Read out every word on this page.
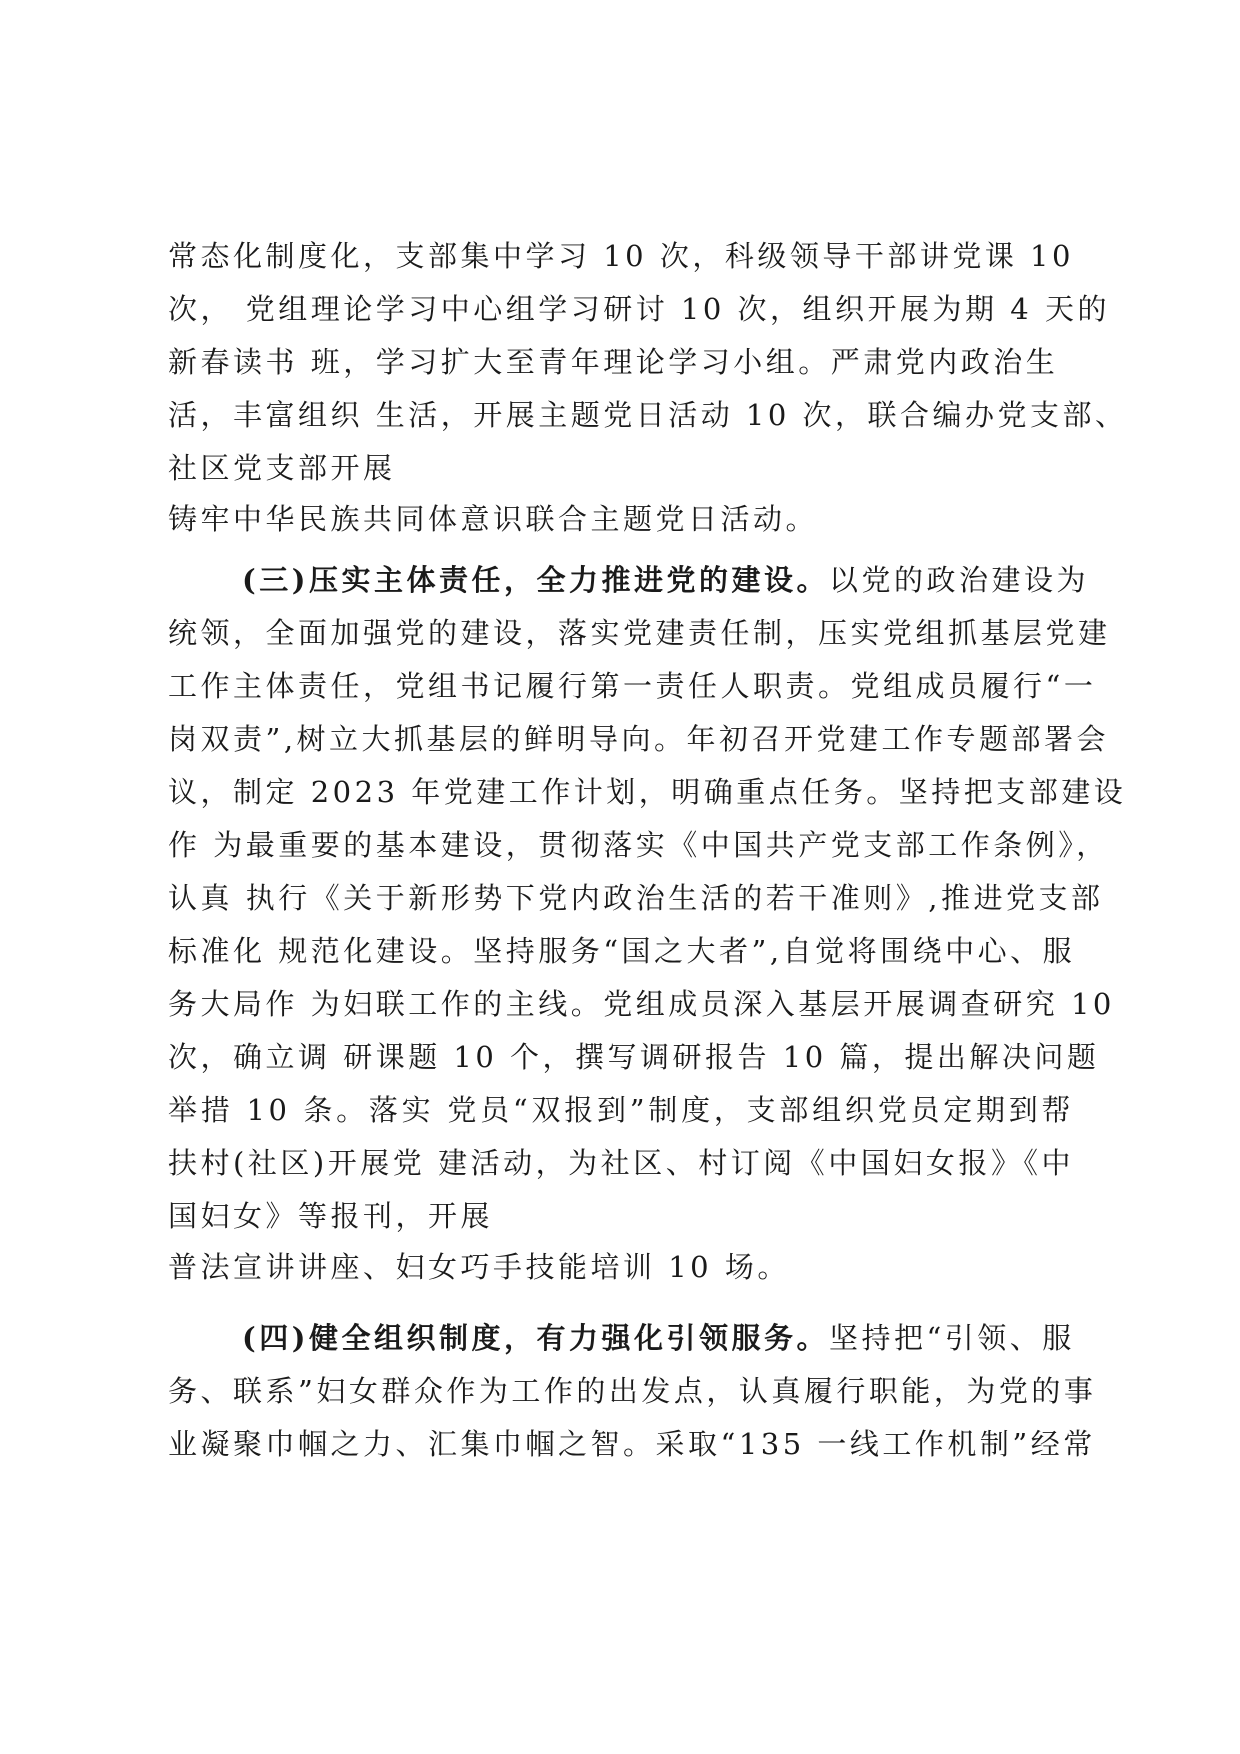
常态化制度化，支部集中学习 10 次，科级领导干部讲党课 10

次， 党组理论学习中心组学习研讨 10 次，组织开展为期 4 天的

新春读书 班，学习扩大至青年理论学习小组。严肃党内政治生

活，丰富组织 生活，开展主题党日活动 10 次，联合编办党支部、

社区党支部开展

铸牢中华民族共同体意识联合主题党日活动。

(三)压实主体责任，全力推进党的建设。以党的政治建设为

统领，全面加强党的建设，落实党建责任制，压实党组抓基层党建

工作主体责任，党组书记履行第一责任人职责。党组成员履行“一

岗双责”,树立大抓基层的鲜明导向。年初召开党建工作专题部署会

议，制定 2023 年党建工作计划，明确重点任务。坚持把支部建设

作 为最重要的基本建设，贯彻落实《中国共产党支部工作条例》，

认真 执行《关于新形势下党内政治生活的若干准则》,推进党支部

标准化 规范化建设。坚持服务“国之大者”,自觉将围绕中心、服

务大局作 为妇联工作的主线。党组成员深入基层开展调查研究 10

次，确立调 研课题 10 个，撰写调研报告 10 篇，提出解决问题

举措 10 条。落实 党员“双报到”制度，支部组织党员定期到帮

扶村(社区)开展党 建活动，为社区、村订阅《中国妇女报》《中

国妇女》等报刊，开展

普法宣讲讲座、妇女巧手技能培训 10 场。

(四)健全组织制度，有力强化引领服务。坚持把“引领、服

务、联系”妇女群众作为工作的出发点，认真履行职能，为党的事

业凝聚巾帼之力、汇集巾帼之智。采取“135 一线工作机制”经常
